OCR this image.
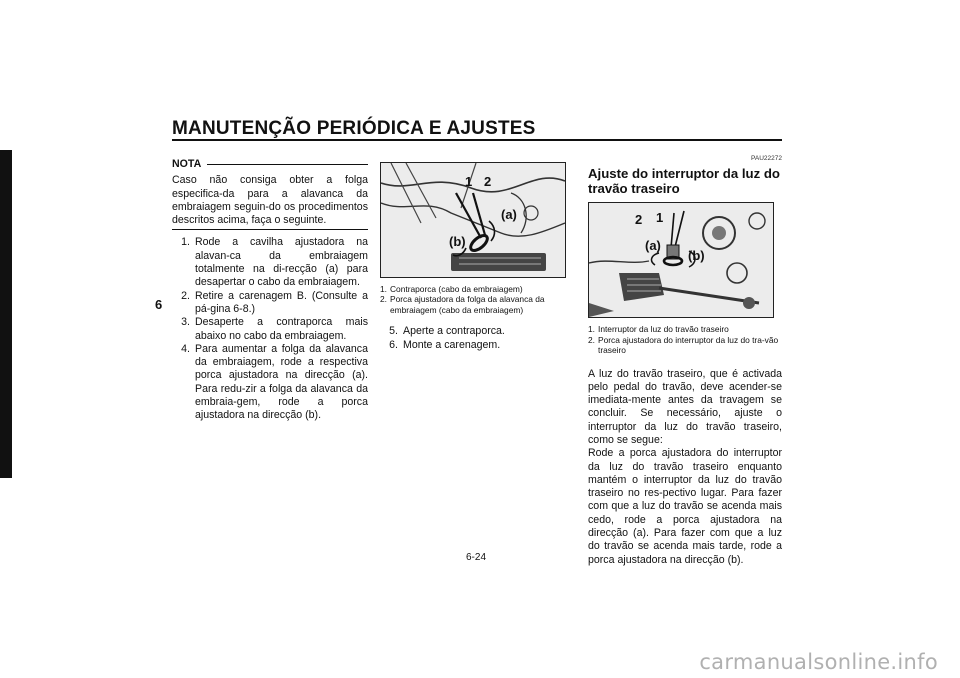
MANUTENÇÃO PERIÓDICA E AJUSTES
6
NOTA

Caso não consiga obter a folga especifica-da para a alavanca da embraiagem seguin-do os procedimentos descritos acima, faça o seguinte.

1. Rode a cavilha ajustadora na alavan-ca da embraiagem totalmente na di-recção (a) para desapertar o cabo da embraiagem.
2. Retire a carenagem B. (Consulte a pá-gina 6-8.)
3. Desaperte a contraporca mais abaixo no cabo da embraiagem.
4. Para aumentar a folga da alavanca da embraiagem, rode a respectiva porca ajustadora na direcção (a). Para redu-zir a folga da alavanca da embraia-gem, rode a porca ajustadora na direcção (b).
1 2
(a)
(b)
1. Contraporca (cabo da embraiagem)
2. Porca ajustadora da folga da alavanca da embraiagem (cabo da embraiagem)
5. Aperte a contraporca.
6. Monte a carenagem.
PAU22272
Ajuste do interruptor da luz do travão traseiro
2 1
(a)
(b)
1. Interruptor da luz do travão traseiro
2. Porca ajustadora do interruptor da luz do tra-vão traseiro

A luz do travão traseiro, que é activada pelo pedal do travão, deve acender-se imediata-mente antes da travagem se concluir. Se necessário, ajuste o interruptor da luz do travão traseiro, como se segue:

Rode a porca ajustadora do interruptor da luz do travão traseiro enquanto mantém o interruptor da luz do travão traseiro no res-pectivo lugar. Para fazer com que a luz do travão se acenda mais cedo, rode a porca ajustadora na direcção (a). Para fazer com que a luz do travão se acenda mais tarde, rode a porca ajustadora na direcção (b).

6-24
carmanualsonline.info
